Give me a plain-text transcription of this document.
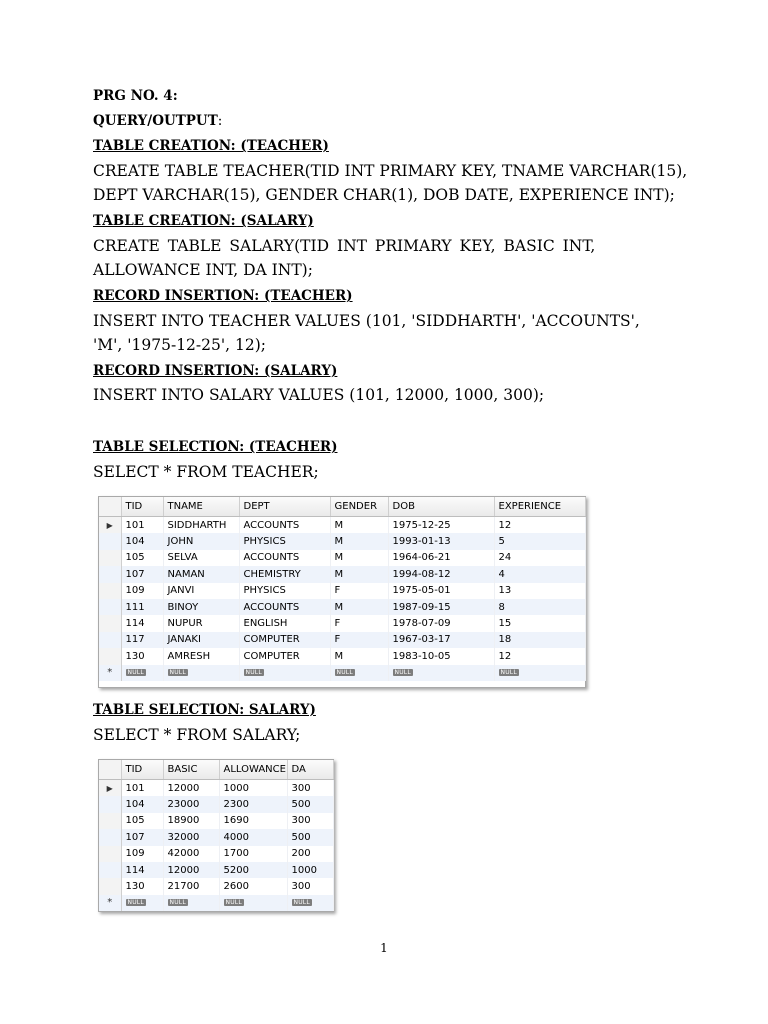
PRG NO. 4:
QUERY/OUTPUT:
TABLE CREATION: (TEACHER)
CREATE TABLE TEACHER(TID INT PRIMARY KEY, TNAME VARCHAR(15),
DEPT VARCHAR(15), GENDER CHAR(1), DOB DATE, EXPERIENCE INT);
TABLE CREATION: (SALARY)
CREATE TABLE SALARY(TID INT PRIMARY KEY, BASIC INT,
ALLOWANCE INT, DA INT);
RECORD INSERTION: (TEACHER)
INSERT INTO TEACHER VALUES (101, 'SIDDHARTH', 'ACCOUNTS',
'M', '1975-12-25', 12);
RECORD INSERTION: (SALARY)
INSERT INTO SALARY VALUES (101, 12000, 1000, 300);
TABLE SELECTION: (TEACHER)
SELECT * FROM TEACHER;
TABLE SELECTION: SALARY)
SELECT * FROM SALARY;
	TID	TNAME	DEPT	GENDER	DOB	EXPERIENCE
▶	101	SIDDHARTH	ACCOUNTS	M	1975-12-25	12
	104	JOHN	PHYSICS	M	1993-01-13	5
	105	SELVA	ACCOUNTS	M	1964-06-21	24
	107	NAMAN	CHEMISTRY	M	1994-08-12	4
	109	JANVI	PHYSICS	F	1975-05-01	13
	111	BINOY	ACCOUNTS	M	1987-09-15	8
	114	NUPUR	ENGLISH	F	1978-07-09	15
	117	JANAKI	COMPUTER	F	1967-03-17	18
	130	AMRESH	COMPUTER	M	1983-10-05	12
*	NULL	NULL	NULL	NULL	NULL	NULL
	TID	BASIC	ALLOWANCE	DA
▶	101	12000	1000	300
	104	23000	2300	500
	105	18900	1690	300
	107	32000	4000	500
	109	42000	1700	200
	114	12000	5200	1000
	130	21700	2600	300
*	NULL	NULL	NULL	NULL
1
